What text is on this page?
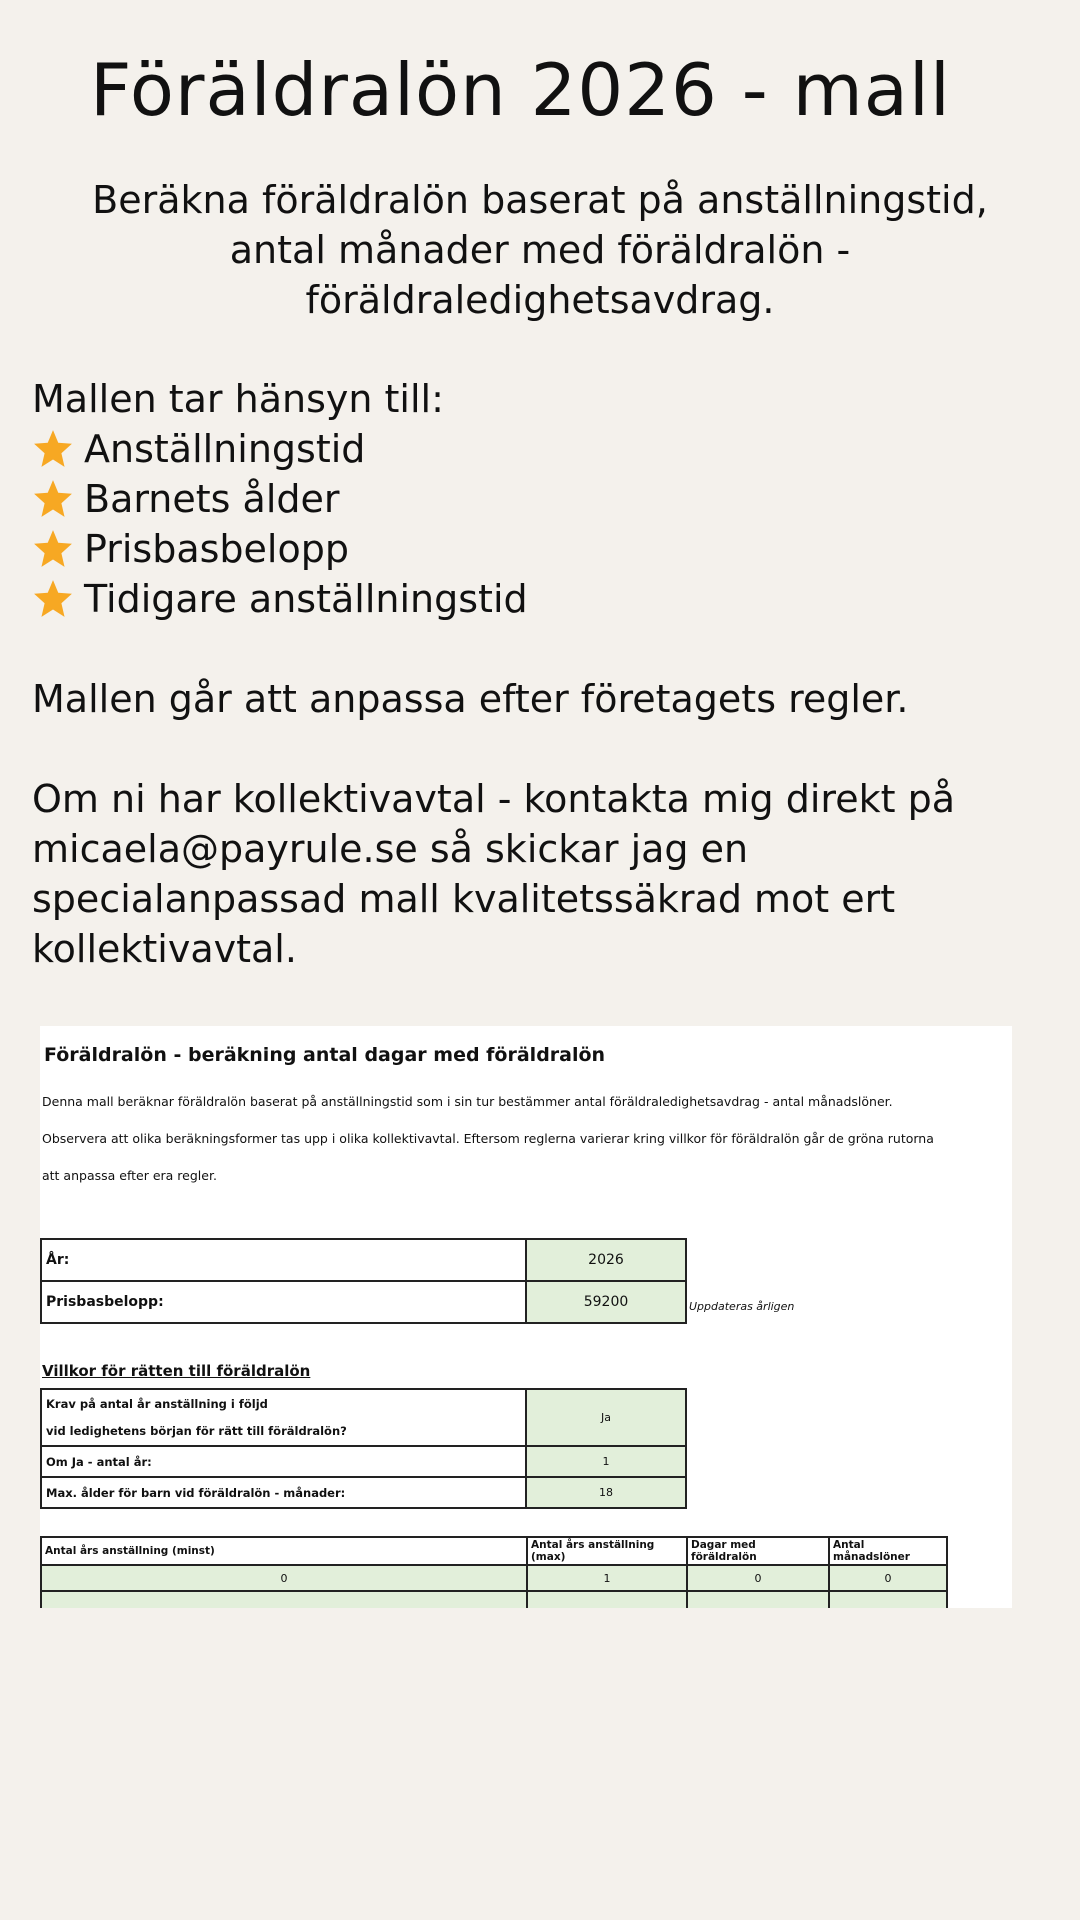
Föräldralön 2026 - mall

Beräkna föräldralön baserat på anställningstid, antal månader med föräldralön - föräldraledighetsavdrag.

Mallen tar hänsyn till:

Anställningstid
Barnets ålder
Prisbasbelopp
Tidigare anställningstid

Mallen går att anpassa efter företagets regler.

Om ni har kollektivavtal - kontakta mig direkt på micaela@payrule.se så skickar jag en specialanpassad mall kvalitetssäkrad mot ert kollektivavtal.

Föräldralön - beräkning antal dagar med föräldralön
Denna mall beräknar föräldralön baserat på anställningstid som i sin tur bestämmer antal föräldraledighetsavdrag - antal månadslöner.
Observera att olika beräkningsformer tas upp i olika kollektivavtal. Eftersom reglerna varierar kring villkor för föräldralön går de gröna rutorna
att anpassa efter era regler.
År:	2026
Prisbasbelopp:	59200	Uppdateras årligen
Villkor för rätten till föräldralön
Krav på antal år anställning i följd
vid ledighetens början för rätt till föräldralön?	Ja
Om Ja - antal år:	1
Max. ålder för barn vid föräldralön - månader:	18
Antal års anställning (minst)	Antal års anställning (max)	Dagar med föräldralön	Antal månadslöner
0	1	0	0
